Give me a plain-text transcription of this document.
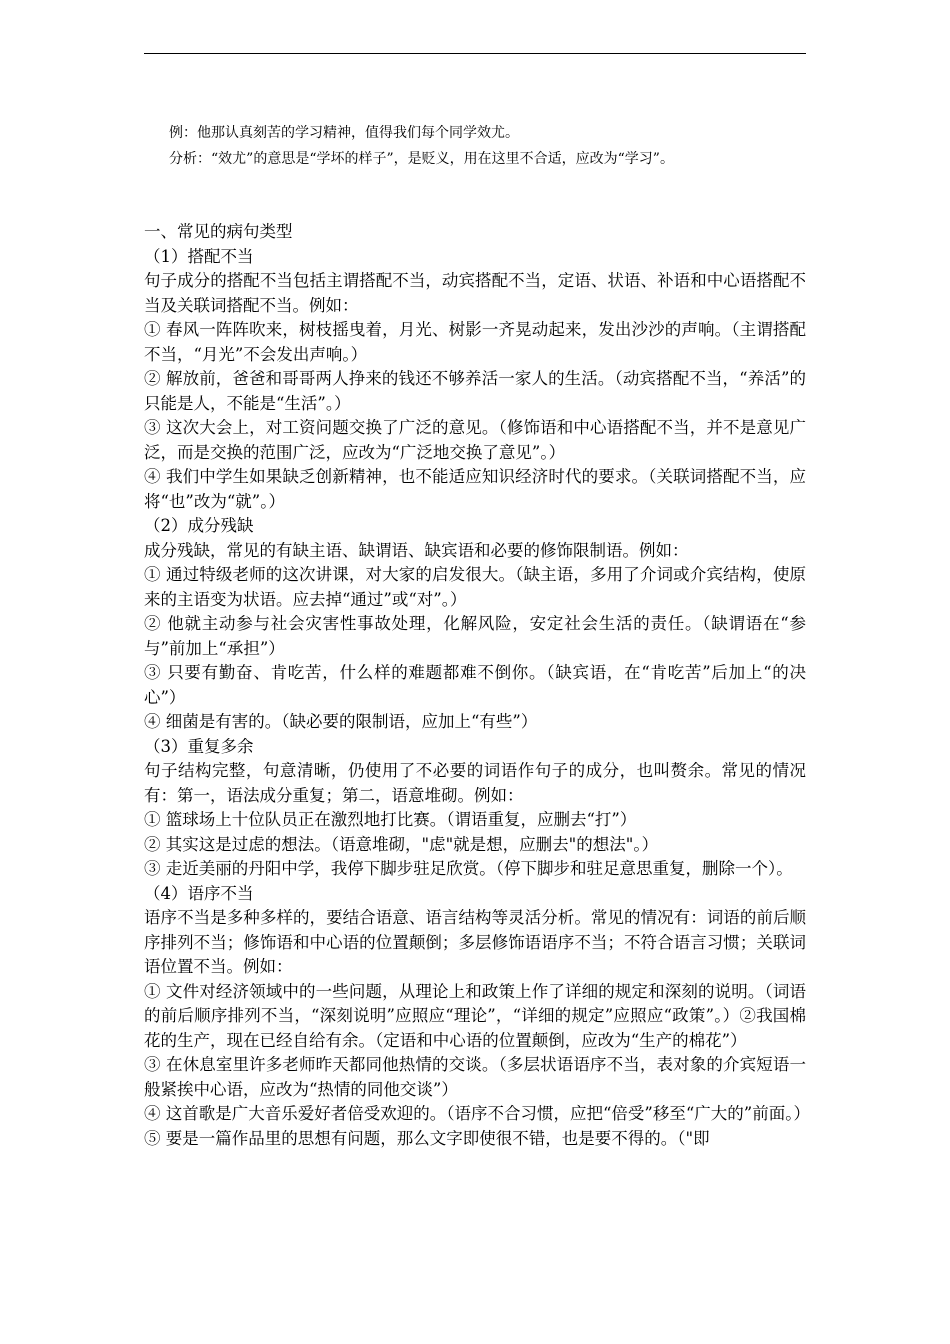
例：他那认真刻苦的学习精神，值得我们每个同学效尤。

分析：“效尤”的意思是“学坏的样子”，是贬义，用在这里不合适，应改为“学习”。

一、常见的病句类型

（1）搭配不当

句子成分的搭配不当包括主谓搭配不当，动宾搭配不当，定语、状语、补语和中心语搭配不当及关联词搭配不当。例如：

① 春风一阵阵吹来，树枝摇曳着，月光、树影一齐晃动起来，发出沙沙的声响。（主谓搭配不当，“月光”不会发出声响。）

② 解放前，爸爸和哥哥两人挣来的钱还不够养活一家人的生活。（动宾搭配不当，“养活”的只能是人，不能是“生活”。）

③ 这次大会上，对工资问题交换了广泛的意见。（修饰语和中心语搭配不当，并不是意见广泛，而是交换的范围广泛，应改为“广泛地交换了意见”。）

④ 我们中学生如果缺乏创新精神，也不能适应知识经济时代的要求。（关联词搭配不当，应将“也”改为“就”。）

（2）成分残缺

成分残缺，常见的有缺主语、缺谓语、缺宾语和必要的修饰限制语。例如：

① 通过特级老师的这次讲课，对大家的启发很大。（缺主语，多用了介词或介宾结构，使原来的主语变为状语。应去掉“通过”或“对”。）

② 他就主动参与社会灾害性事故处理，化解风险，安定社会生活的责任。（缺谓语在“参与”前加上“承担”）

③ 只要有勤奋、肯吃苦，什么样的难题都难不倒你。（缺宾语，在“肯吃苦”后加上“的决心”）

④ 细菌是有害的。（缺必要的限制语，应加上“有些”）

（3）重复多余

句子结构完整，句意清晰，仍使用了不必要的词语作句子的成分，也叫赘余。常见的情况有：第一，语法成分重复；第二，语意堆砌。例如：

① 篮球场上十位队员正在激烈地打比赛。（谓语重复，应删去“打”）

② 其实这是过虑的想法。（语意堆砌，"虑"就是想，应删去"的想法"。）

③ 走近美丽的丹阳中学，我停下脚步驻足欣赏。（停下脚步和驻足意思重复，删除一个）。

（4）语序不当

语序不当是多种多样的，要结合语意、语言结构等灵活分析。常见的情况有：词语的前后顺序排列不当；修饰语和中心语的位置颠倒；多层修饰语语序不当；不符合语言习惯；关联词语位置不当。例如：

① 文件对经济领域中的一些问题，从理论上和政策上作了详细的规定和深刻的说明。（词语的前后顺序排列不当，“深刻说明”应照应“理论”，“详细的规定”应照应“政策”。）②我国棉花的生产，现在已经自给有余。（定语和中心语的位置颠倒，应改为“生产的棉花”）

③ 在休息室里许多老师昨天都同他热情的交谈。（多层状语语序不当，表对象的介宾短语一般紧挨中心语，应改为“热情的同他交谈”）

④ 这首歌是广大音乐爱好者倍受欢迎的。（语序不合习惯，应把“倍受”移至“广大的”前面。）

⑤ 要是一篇作品里的思想有问题，那么文字即使很不错，也是要不得的。（"即
